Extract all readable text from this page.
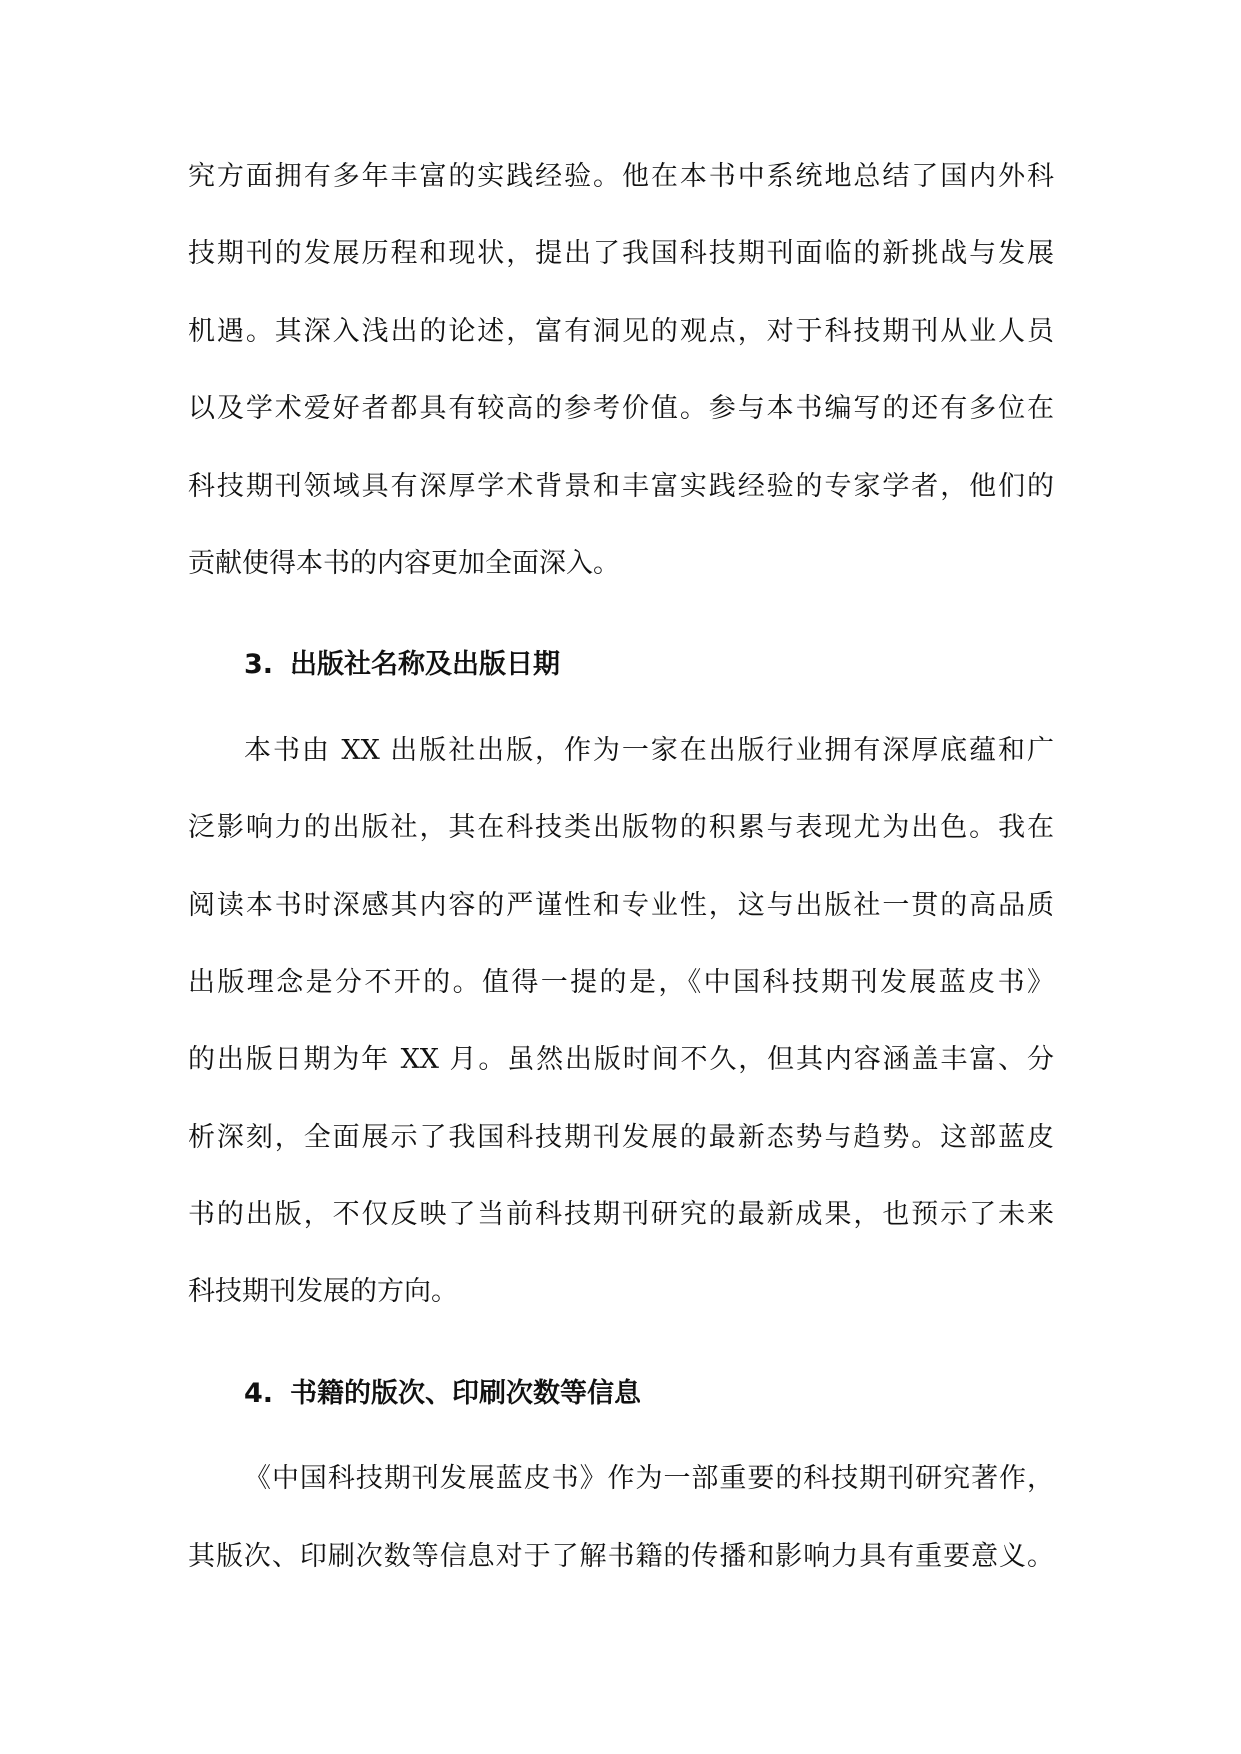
究方面拥有多年丰富的实践经验。他在本书中系统地总结了国内外科
技期刊的发展历程和现状，提出了我国科技期刊面临的新挑战与发展
机遇。其深入浅出的论述，富有洞见的观点，对于科技期刊从业人员
以及学术爱好者都具有较高的参考价值。参与本书编写的还有多位在
科技期刊领域具有深厚学术背景和丰富实践经验的专家学者，他们的
贡献使得本书的内容更加全面深入。
3. 出版社名称及出版日期
本书由 XX 出版社出版，作为一家在出版行业拥有深厚底蕴和广
泛影响力的出版社，其在科技类出版物的积累与表现尤为出色。我在
阅读本书时深感其内容的严谨性和专业性，这与出版社一贯的高品质
出版理念是分不开的。值得一提的是，《中国科技期刊发展蓝皮书》
的出版日期为年 XX 月。虽然出版时间不久，但其内容涵盖丰富、分
析深刻，全面展示了我国科技期刊发展的最新态势与趋势。这部蓝皮
书的出版，不仅反映了当前科技期刊研究的最新成果，也预示了未来
科技期刊发展的方向。
4. 书籍的版次、印刷次数等信息
《中国科技期刊发展蓝皮书》作为一部重要的科技期刊研究著作，
其版次、印刷次数等信息对于了解书籍的传播和影响力具有重要意义。
